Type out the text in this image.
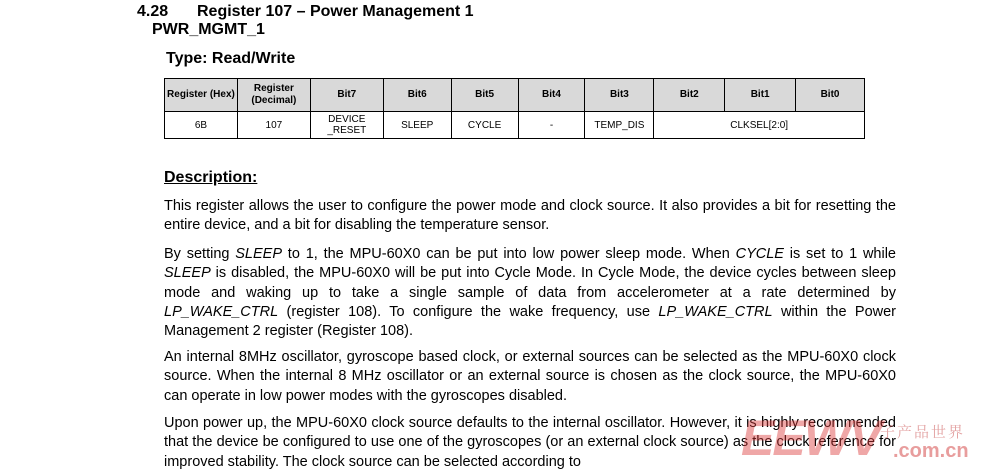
4.28 Register 107 – Power Management 1
PWR_MGMT_1
Type: Read/Write
Register (Hex)	Register (Decimal)	Bit7	Bit6	Bit5	Bit4	Bit3	Bit2	Bit1	Bit0
6B	107	DEVICE _RESET	SLEEP	CYCLE	-	TEMP_DIS	CLKSEL[2:0]		
Description:

This register allows the user to configure the power mode and clock source. It also provides a bit for resetting the entire device, and a bit for disabling the temperature sensor.

By setting SLEEP to 1, the MPU-60X0 can be put into low power sleep mode. When CYCLE is set to 1 while SLEEP is disabled, the MPU-60X0 will be put into Cycle Mode. In Cycle Mode, the device cycles between sleep mode and waking up to take a single sample of data from accelerometer at a rate determined by LP_WAKE_CTRL (register 108). To configure the wake frequency, use LP_WAKE_CTRL within the Power Management 2 register (Register 108).

An internal 8MHz oscillator, gyroscope based clock, or external sources can be selected as the MPU-60X0 clock source. When the internal 8 MHz oscillator or an external source is chosen as the clock source, the MPU-60X0 can operate in low power modes with the gyroscopes disabled.

Upon power up, the MPU-60X0 clock source defaults to the internal oscillator. However, it is highly recommended that the device be configured to use one of the gyroscopes (or an external clock source) as the clock reference for improved stability. The clock source can be selected according to	EEWV 子产品世界
.com.cn
